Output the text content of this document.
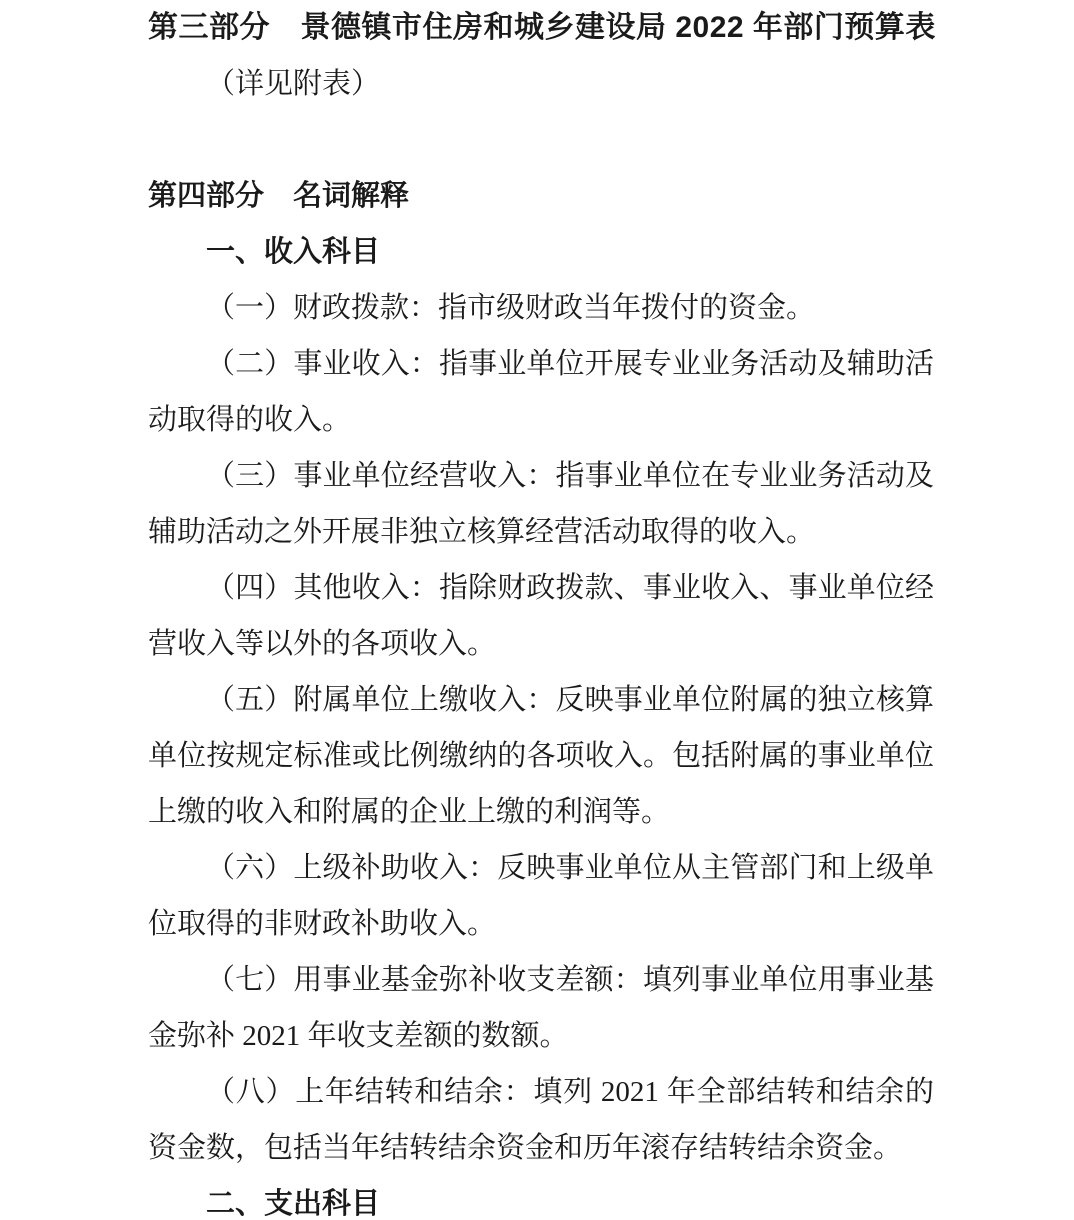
第三部分　景德镇市住房和城乡建设局 2022 年部门预算表

（详见附表）

第四部分　名词解释
一、收入科目

（一）财政拨款：指市级财政当年拨付的资金。

（二）事业收入：指事业单位开展专业业务活动及辅助活动取得的收入。

（三）事业单位经营收入：指事业单位在专业业务活动及辅助活动之外开展非独立核算经营活动取得的收入。

（四）其他收入：指除财政拨款、事业收入、事业单位经营收入等以外的各项收入。

（五）附属单位上缴收入：反映事业单位附属的独立核算单位按规定标准或比例缴纳的各项收入。包括附属的事业单位上缴的收入和附属的企业上缴的利润等。

（六）上级补助收入：反映事业单位从主管部门和上级单位取得的非财政补助收入。

（七）用事业基金弥补收支差额：填列事业单位用事业基金弥补 2021 年收支差额的数额。

（八）上年结转和结余：填列 2021 年全部结转和结余的资金数，包括当年结转结余资金和历年滚存结转结余资金。

二、支出科目
